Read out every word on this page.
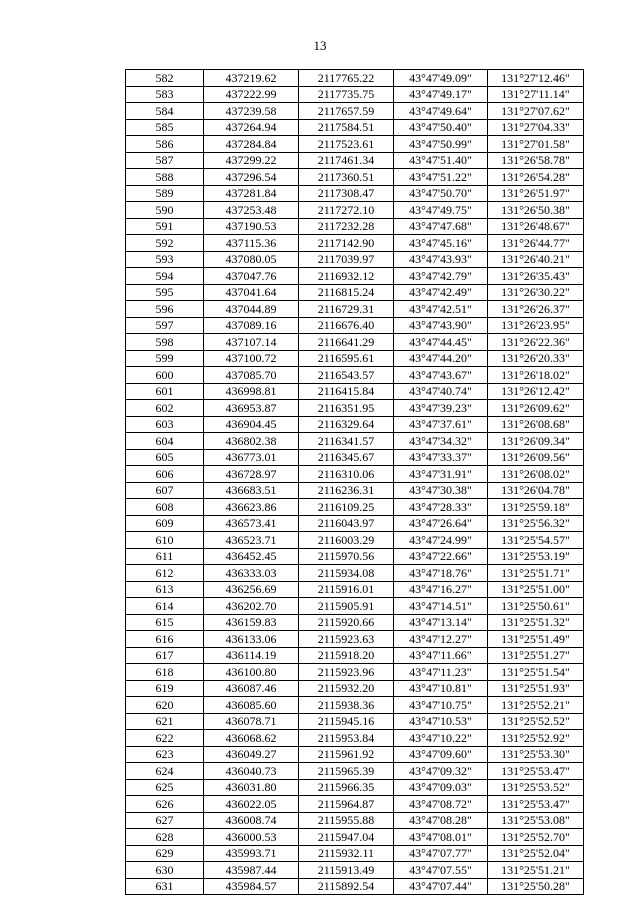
13
582	437219.62	2117765.22	43°47'49.09"	131°27'12.46"
583	437222.99	2117735.75	43°47'49.17"	131°27'11.14"
584	437239.58	2117657.59	43°47'49.64"	131°27'07.62"
585	437264.94	2117584.51	43°47'50.40"	131°27'04.33"
586	437284.84	2117523.61	43°47'50.99"	131°27'01.58"
587	437299.22	2117461.34	43°47'51.40"	131°26'58.78"
588	437296.54	2117360.51	43°47'51.22"	131°26'54.28"
589	437281.84	2117308.47	43°47'50.70"	131°26'51.97"
590	437253.48	2117272.10	43°47'49.75"	131°26'50.38"
591	437190.53	2117232.28	43°47'47.68"	131°26'48.67"
592	437115.36	2117142.90	43°47'45.16"	131°26'44.77"
593	437080.05	2117039.97	43°47'43.93"	131°26'40.21"
594	437047.76	2116932.12	43°47'42.79"	131°26'35.43"
595	437041.64	2116815.24	43°47'42.49"	131°26'30.22"
596	437044.89	2116729.31	43°47'42.51"	131°26'26.37"
597	437089.16	2116676.40	43°47'43.90"	131°26'23.95"
598	437107.14	2116641.29	43°47'44.45"	131°26'22.36"
599	437100.72	2116595.61	43°47'44.20"	131°26'20.33"
600	437085.70	2116543.57	43°47'43.67"	131°26'18.02"
601	436998.81	2116415.84	43°47'40.74"	131°26'12.42"
602	436953.87	2116351.95	43°47'39.23"	131°26'09.62"
603	436904.45	2116329.64	43°47'37.61"	131°26'08.68"
604	436802.38	2116341.57	43°47'34.32"	131°26'09.34"
605	436773.01	2116345.67	43°47'33.37"	131°26'09.56"
606	436728.97	2116310.06	43°47'31.91"	131°26'08.02"
607	436683.51	2116236.31	43°47'30.38"	131°26'04.78"
608	436623.86	2116109.25	43°47'28.33"	131°25'59.18"
609	436573.41	2116043.97	43°47'26.64"	131°25'56.32"
610	436523.71	2116003.29	43°47'24.99"	131°25'54.57"
611	436452.45	2115970.56	43°47'22.66"	131°25'53.19"
612	436333.03	2115934.08	43°47'18.76"	131°25'51.71"
613	436256.69	2115916.01	43°47'16.27"	131°25'51.00"
614	436202.70	2115905.91	43°47'14.51"	131°25'50.61"
615	436159.83	2115920.66	43°47'13.14"	131°25'51.32"
616	436133.06	2115923.63	43°47'12.27"	131°25'51.49"
617	436114.19	2115918.20	43°47'11.66"	131°25'51.27"
618	436100.80	2115923.96	43°47'11.23"	131°25'51.54"
619	436087.46	2115932.20	43°47'10.81"	131°25'51.93"
620	436085.60	2115938.36	43°47'10.75"	131°25'52.21"
621	436078.71	2115945.16	43°47'10.53"	131°25'52.52"
622	436068.62	2115953.84	43°47'10.22"	131°25'52.92"
623	436049.27	2115961.92	43°47'09.60"	131°25'53.30"
624	436040.73	2115965.39	43°47'09.32"	131°25'53.47"
625	436031.80	2115966.35	43°47'09.03"	131°25'53.52"
626	436022.05	2115964.87	43°47'08.72"	131°25'53.47"
627	436008.74	2115955.88	43°47'08.28"	131°25'53.08"
628	436000.53	2115947.04	43°47'08.01"	131°25'52.70"
629	435993.71	2115932.11	43°47'07.77"	131°25'52.04"
630	435987.44	2115913.49	43°47'07.55"	131°25'51.21"
631	435984.57	2115892.54	43°47'07.44"	131°25'50.28"
